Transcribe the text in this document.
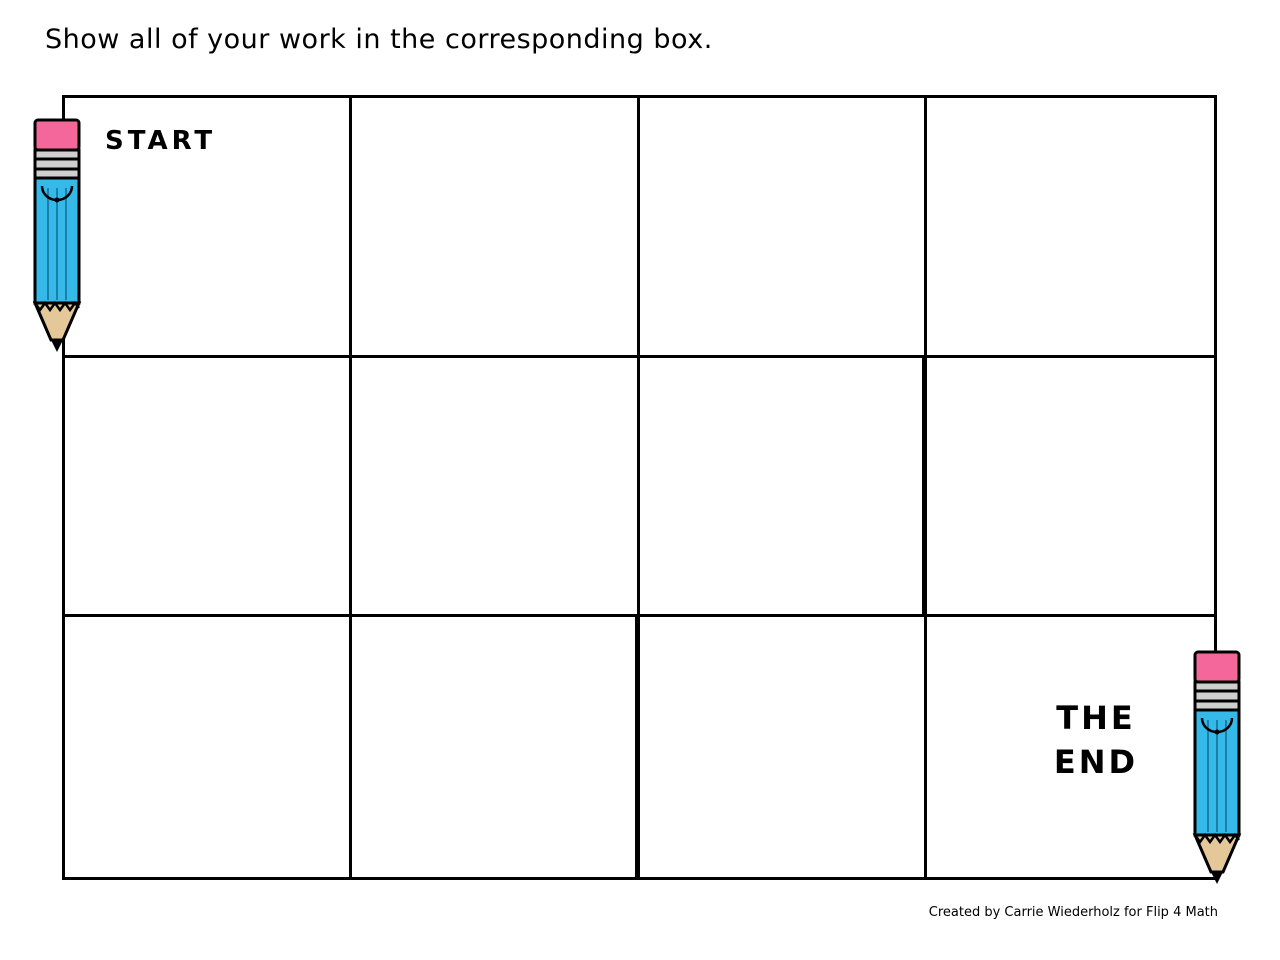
Show all of your work in the corresponding box.
START
THE
END
Created by Carrie Wiederholz for Flip 4 Math
